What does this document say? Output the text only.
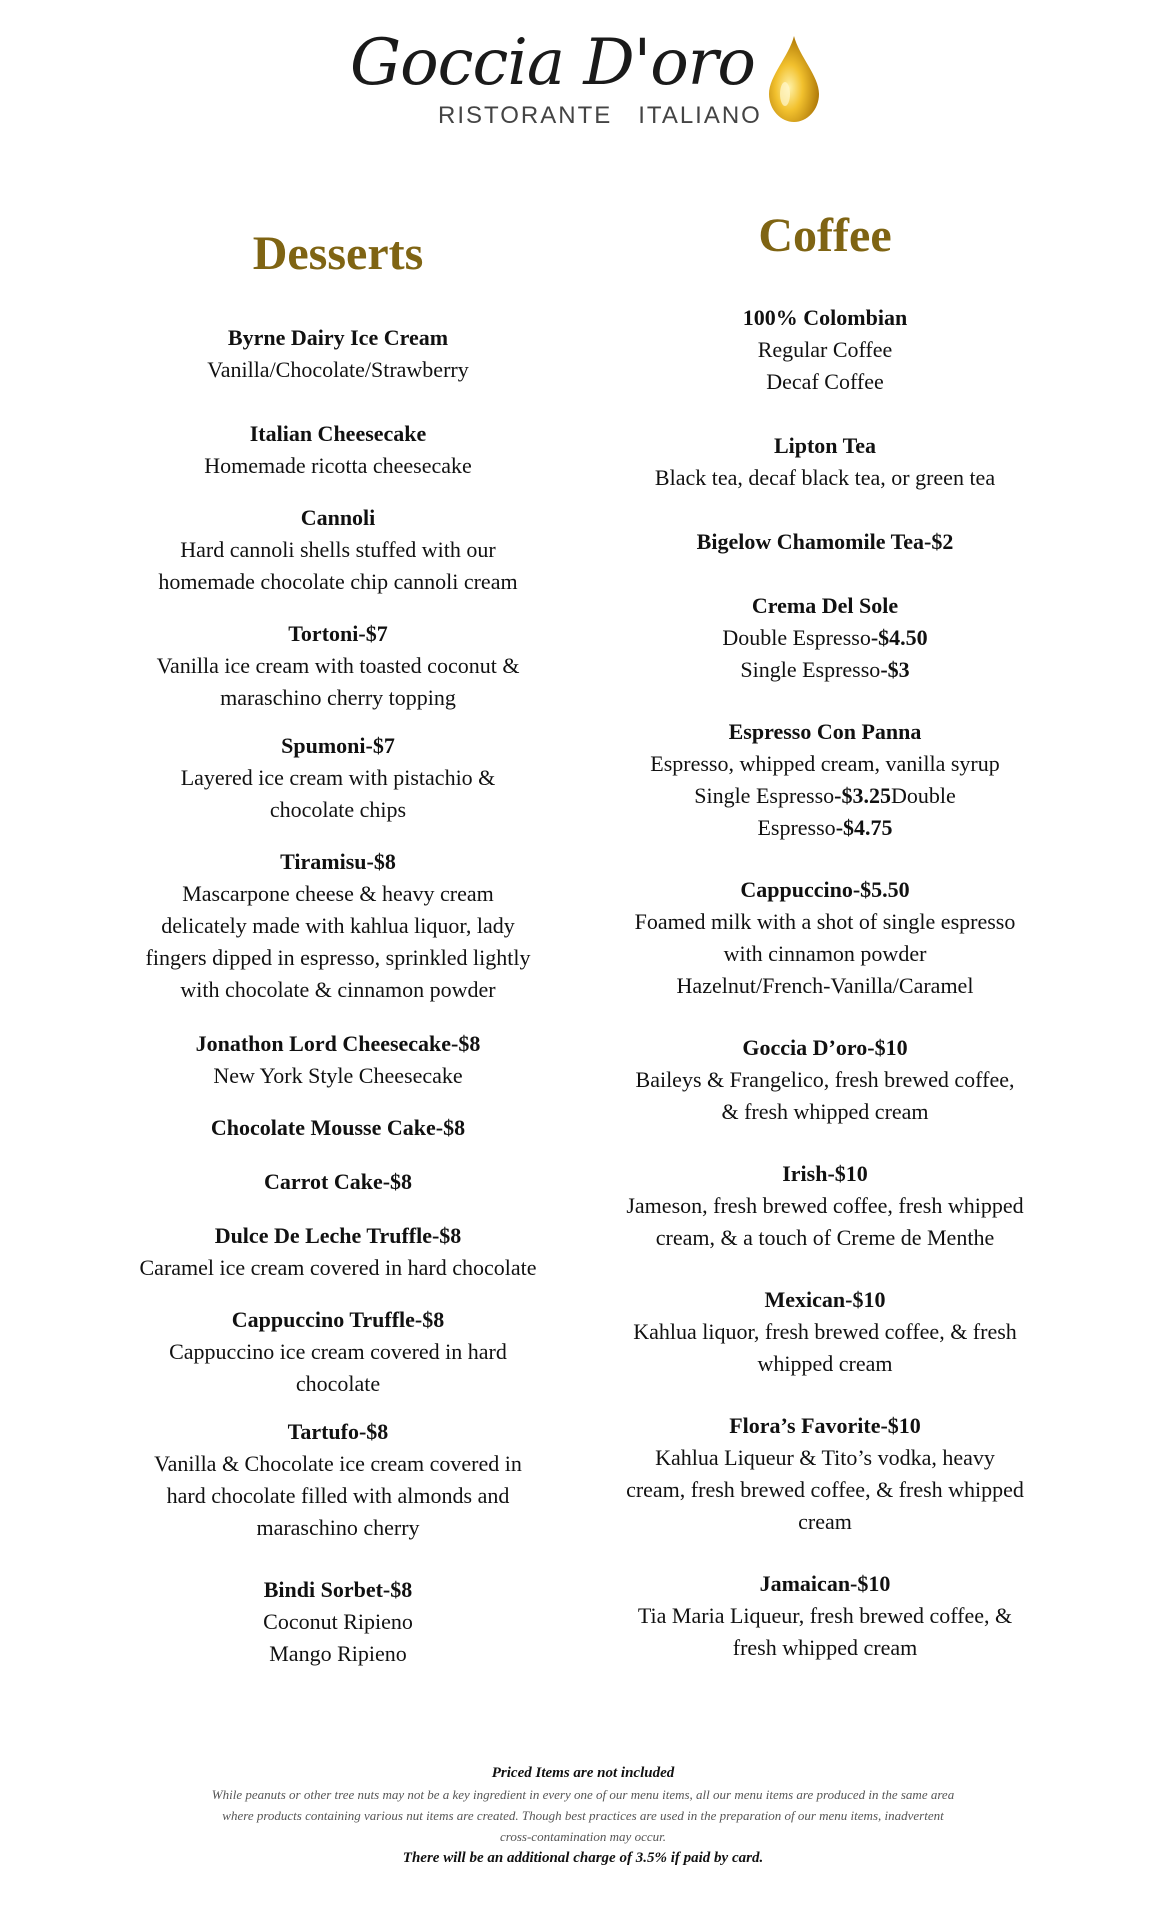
Goccia D'oro
RISTORANTE ITALIANO
Desserts
Byrne Dairy Ice Cream
Vanilla/Chocolate/Strawberry
Italian Cheesecake
Homemade ricotta cheesecake
Cannoli
Hard cannoli shells stuffed with our
homemade chocolate chip cannoli cream
Tortoni-$7
Vanilla ice cream with toasted coconut &
maraschino cherry topping
Spumoni-$7
Layered ice cream with pistachio &
chocolate chips
Tiramisu-$8
Mascarpone cheese & heavy cream
delicately made with kahlua liquor, lady
fingers dipped in espresso, sprinkled lightly
with chocolate & cinnamon powder
Jonathon Lord Cheesecake-$8
New York Style Cheesecake
Chocolate Mousse Cake-$8
Carrot Cake-$8
Dulce De Leche Truffle-$8
Caramel ice cream covered in hard chocolate
Cappuccino Truffle-$8
Cappuccino ice cream covered in hard
chocolate
Tartufo-$8
Vanilla & Chocolate ice cream covered in
hard chocolate filled with almonds and
maraschino cherry
Bindi Sorbet-$8
Coconut Ripieno
Mango Ripieno
Coffee
100% Colombian
Regular Coffee
Decaf Coffee
Lipton Tea
Black tea, decaf black tea, or green tea
Bigelow Chamomile Tea-$2
Crema Del Sole
Double Espresso-$4.50
Single Espresso-$3
Espresso Con Panna
Espresso, whipped cream, vanilla syrup
Single Espresso-$3.25Double
Espresso-$4.75
Cappuccino-$5.50
Foamed milk with a shot of single espresso
with cinnamon powder
Hazelnut/French-Vanilla/Caramel
Goccia D’oro-$10
Baileys & Frangelico, fresh brewed coffee,
& fresh whipped cream
Irish-$10
Jameson, fresh brewed coffee, fresh whipped
cream, & a touch of Creme de Menthe
Mexican-$10
Kahlua liquor, fresh brewed coffee, & fresh
whipped cream
Flora’s Favorite-$10
Kahlua Liqueur & Tito’s vodka, heavy
cream, fresh brewed coffee, & fresh whipped
cream
Jamaican-$10
Tia Maria Liqueur, fresh brewed coffee, &
fresh whipped cream
Priced Items are not included
While peanuts or other tree nuts may not be a key ingredient in every one of our menu items, all our menu items are produced in the same area
where products containing various nut items are created. Though best practices are used in the preparation of our menu items, inadvertent
cross-contamination may occur.
There will be an additional charge of 3.5% if paid by card.
